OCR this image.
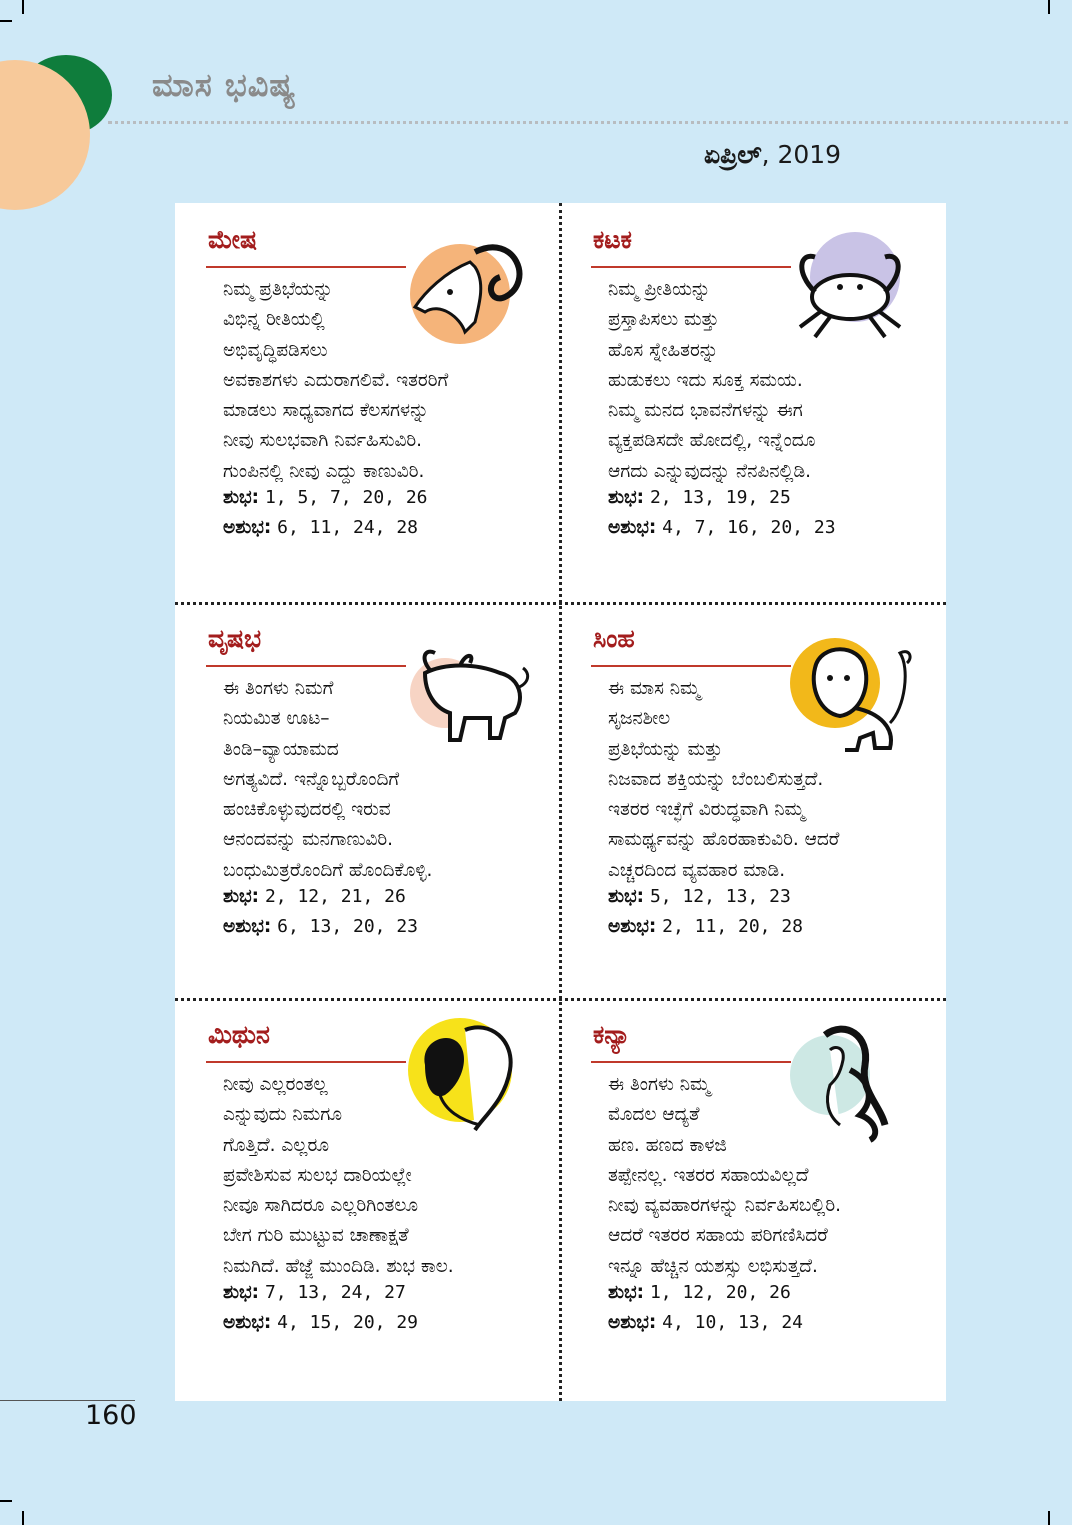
ಮಾಸ ಭವಿಷ್ಯ
ಏಪ್ರಿಲ್, 2019
160
ಮೇಷ
ನಿಮ್ಮ ಪ್ರತಿಭೆಯನ್ನು
ವಿಭಿನ್ನ ರೀತಿಯಲ್ಲಿ
ಅಭಿವೃದ್ಧಿಪಡಿಸಲು
ಅವಕಾಶಗಳು ಎದುರಾಗಲಿವೆ. ಇತರರಿಗೆ
ಮಾಡಲು ಸಾಧ್ಯವಾಗದ ಕೆಲಸಗಳನ್ನು
ನೀವು ಸುಲಭವಾಗಿ ನಿರ್ವಹಿಸುವಿರಿ.
ಗುಂಪಿನಲ್ಲಿ ನೀವು ಎದ್ದು ಕಾಣುವಿರಿ.
ಶುಭ: 1, 5, 7, 20, 26
ಅಶುಭ: 6, 11, 24, 28
ಕಟಕ
ನಿಮ್ಮ ಪ್ರೀತಿಯನ್ನು
ಪ್ರಸ್ತಾಪಿಸಲು ಮತ್ತು
ಹೊಸ ಸ್ನೇಹಿತರನ್ನು
ಹುಡುಕಲು ಇದು ಸೂಕ್ತ ಸಮಯ.
ನಿಮ್ಮ ಮನದ ಭಾವನೆಗಳನ್ನು ಈಗ
ವ್ಯಕ್ತಪಡಿಸದೇ ಹೋದಲ್ಲಿ, ಇನ್ನೆಂದೂ
ಆಗದು ಎನ್ನುವುದನ್ನು ನೆನಪಿನಲ್ಲಿಡಿ.
ಶುಭ: 2, 13, 19, 25
ಅಶುಭ: 4, 7, 16, 20, 23
ವೃಷಭ
ಈ ತಿಂಗಳು ನಿಮಗೆ
ನಿಯಮಿತ ಊಟ–
ತಿಂಡಿ–ವ್ಯಾಯಾಮದ
ಅಗತ್ಯವಿದೆ. ಇನ್ನೊಬ್ಬರೊಂದಿಗೆ
ಹಂಚಿಕೊಳ್ಳುವುದರಲ್ಲಿ ಇರುವ
ಆನಂದವನ್ನು ಮನಗಾಣುವಿರಿ.
ಬಂಧುಮಿತ್ರರೊಂದಿಗೆ ಹೊಂದಿಕೊಳ್ಳಿ.
ಶುಭ: 2, 12, 21, 26
ಅಶುಭ: 6, 13, 20, 23
ಸಿಂಹ
ಈ ಮಾಸ ನಿಮ್ಮ
ಸೃಜನಶೀಲ
ಪ್ರತಿಭೆಯನ್ನು ಮತ್ತು
ನಿಜವಾದ ಶಕ್ತಿಯನ್ನು ಬೆಂಬಲಿಸುತ್ತದೆ.
ಇತರರ ಇಚ್ಛೆಗೆ ವಿರುದ್ಧವಾಗಿ ನಿಮ್ಮ
ಸಾಮರ್ಥ್ಯವನ್ನು ಹೊರಹಾಕುವಿರಿ. ಆದರೆ
ಎಚ್ಚರದಿಂದ ವ್ಯವಹಾರ ಮಾಡಿ.
ಶುಭ: 5, 12, 13, 23
ಅಶುಭ: 2, 11, 20, 28
ಮಿಥುನ
ನೀವು ಎಲ್ಲರಂತಲ್ಲ
ಎನ್ನುವುದು ನಿಮಗೂ
ಗೊತ್ತಿದೆ. ಎಲ್ಲರೂ
ಪ್ರವೇಶಿಸುವ ಸುಲಭ ದಾರಿಯಲ್ಲೇ
ನೀವೂ ಸಾಗಿದರೂ ಎಲ್ಲರಿಗಿಂತಲೂ
ಬೇಗ ಗುರಿ ಮುಟ್ಟುವ ಚಾಣಾಕ್ಷತೆ
ನಿಮಗಿದೆ. ಹೆಜ್ಜೆ ಮುಂದಿಡಿ. ಶುಭ ಕಾಲ.
ಶುಭ: 7, 13, 24, 27
ಅಶುಭ: 4, 15, 20, 29
ಕನ್ಯಾ
ಈ ತಿಂಗಳು ನಿಮ್ಮ
ಮೊದಲ ಆದ್ಯತೆ
ಹಣ. ಹಣದ ಕಾಳಜಿ
ತಪ್ಪೇನಲ್ಲ. ಇತರರ ಸಹಾಯವಿಲ್ಲದೆ
ನೀವು ವ್ಯವಹಾರಗಳನ್ನು ನಿರ್ವಹಿಸಬಲ್ಲಿರಿ.
ಆದರೆ ಇತರರ ಸಹಾಯ ಪರಿಗಣಿಸಿದರೆ
ಇನ್ನೂ ಹೆಚ್ಚಿನ ಯಶಸ್ಸು ಲಭಿಸುತ್ತದೆ.
ಶುಭ: 1, 12, 20, 26
ಅಶುಭ: 4, 10, 13, 24
